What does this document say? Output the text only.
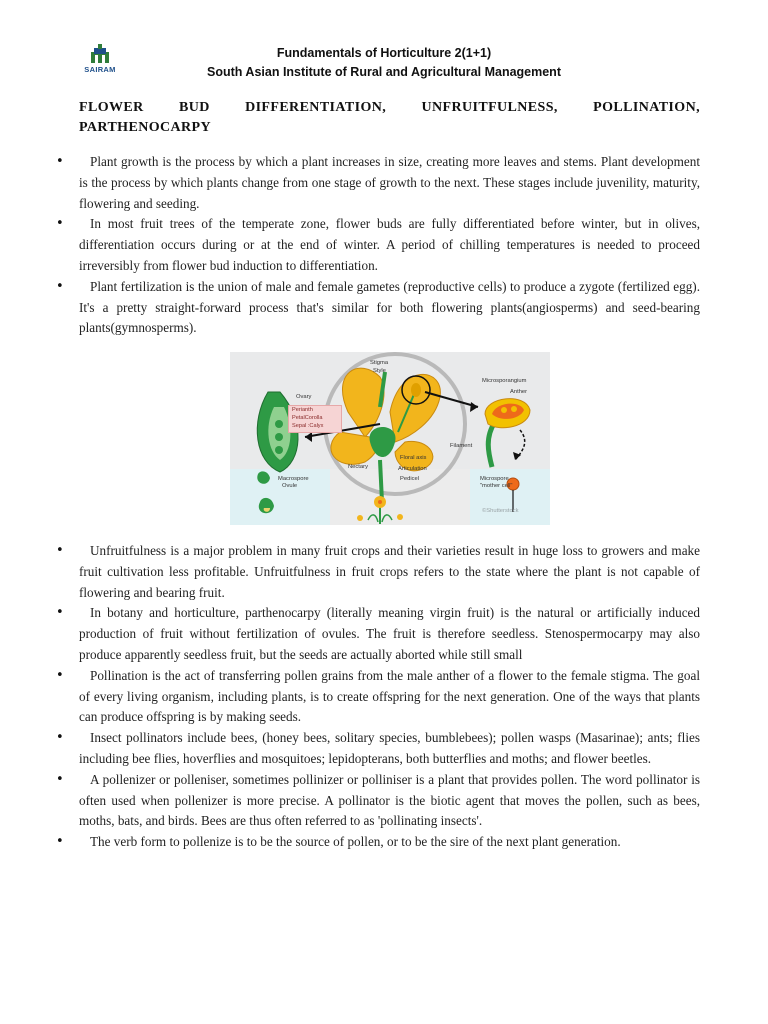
SAIRAM
Fundamentals of Horticulture 2(1+1)
South Asian Institute of Rural and Agricultural Management
FLOWER	BUD	DIFFERENTIATION,	UNFRUITFULNESS,	POLLINATION,
PARTHENOCARPY
•	Plant growth is the process by which a plant increases in size, creating more leaves and stems. Plant development is the process by which plants change from one stage of growth to the next. These stages include juvenility, maturity, flowering and seeding.
•	In most fruit trees of the temperate zone, flower buds are fully differentiated before winter, but in olives, differentiation occurs during or at the end of winter. A period of chilling temperatures is needed to proceed irreversibly from flower bud induction to differentiation.
•	Plant fertilization is the union of male and female gametes (reproductive cells) to produce a zygote (fertilized egg). It's a pretty straight-forward process that's similar for both flowering plants(angiosperms) and seed-bearing plants(gymnosperms).
Stigma
Style
Ovary
Perianth
PetalCorolla
Sepal :Calyx
Microsporangium
Anther
Filament
Floral axis
Nectary	Articulation
Pedicel
Macrospore
Ovule
Microspore
"mother cell"
©Shutterstock
•	Unfruitfulness is a major problem in many fruit crops and their varieties result in huge loss to growers and make fruit cultivation less profitable. Unfruitfulness in fruit crops refers to the state where the plant is not capable of flowering and bearing fruit.
•	In botany and horticulture, parthenocarpy (literally meaning virgin fruit) is the natural or artificially induced production of fruit without fertilization of ovules. The fruit is therefore seedless. Stenospermocarpy may also produce apparently seedless fruit, but the seeds are actually aborted while still small
•	Pollination is the act of transferring pollen grains from the male anther of a flower to the female stigma. The goal of every living organism, including plants, is to create offspring for the next generation. One of the ways that plants can produce offspring is by making seeds.
•	Insect pollinators include bees, (honey bees, solitary species, bumblebees); pollen wasps (Masarinae); ants; flies including bee flies, hoverflies and mosquitoes; lepidopterans, both butterflies and moths; and flower beetles.
•	A pollenizer or polleniser, sometimes pollinizer or polliniser is a plant that provides pollen. The word pollinator is often used when pollenizer is more precise. A pollinator is the biotic agent that moves the pollen, such as bees, moths, bats, and birds. Bees are thus often referred to as 'pollinating insects'.
•	The verb form to pollenize is to be the source of pollen, or to be the sire of the next plant generation.
